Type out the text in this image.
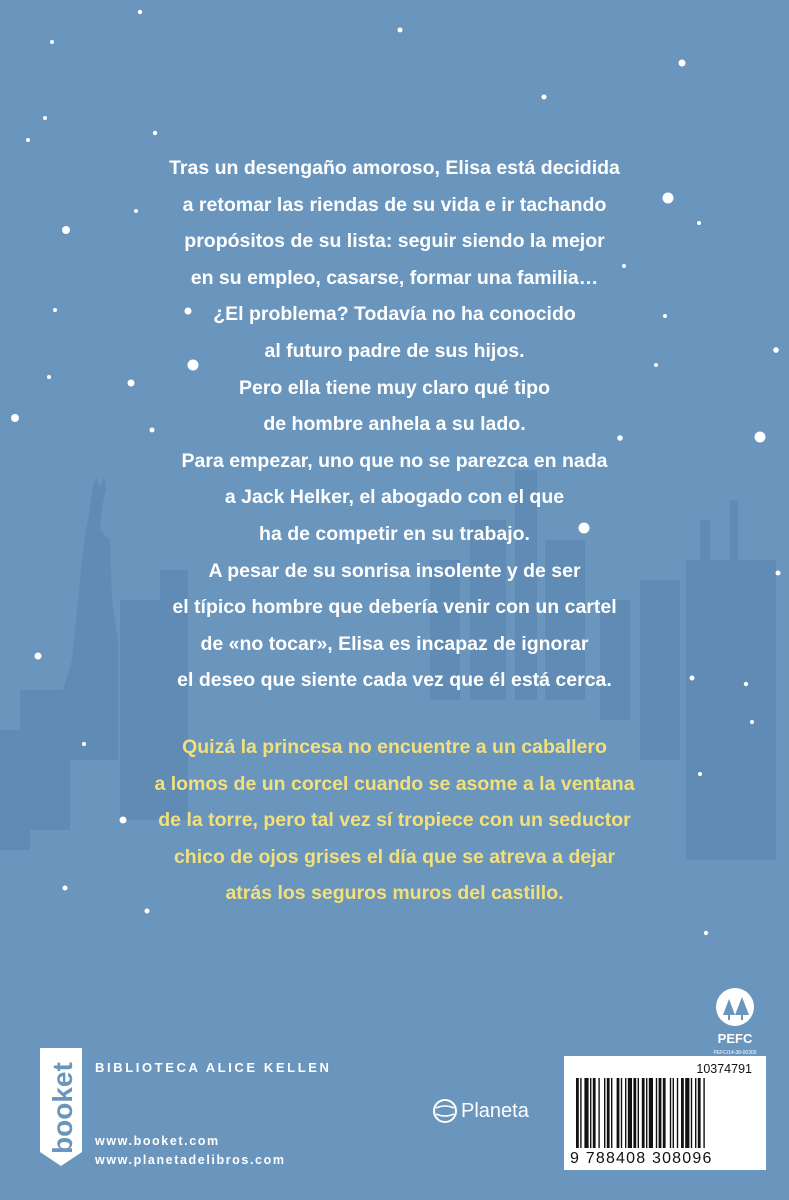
Tras un desengaño amoroso, Elisa está decidida

a retomar las riendas de su vida e ir tachando

propósitos de su lista: seguir siendo la mejor

en su empleo, casarse, formar una familia…

¿El problema? Todavía no ha conocido

al futuro padre de sus hijos.

Pero ella tiene muy claro qué tipo

de hombre anhela a su lado.

Para empezar, uno que no se parezca en nada

a Jack Helker, el abogado con el que

ha de competir en su trabajo.

A pesar de su sonrisa insolente y de ser

el típico hombre que debería venir con un cartel

de «no tocar», Elisa es incapaz de ignorar

el deseo que siente cada vez que él está cerca.

Quizá la princesa no encuentre a un caballero

a lomos de un corcel cuando se asome a la ventana

de la torre, pero tal vez sí tropiece con un seductor

chico de ojos grises el día que se atreva a dejar

atrás los seguros muros del castillo.

booket BIBLIOTECA ALICE KELLEN
www.booket.com
www.planetadelibros.com
Planeta
PEFC
PEFC/14-38-00305
10374791
9 788408 308096
